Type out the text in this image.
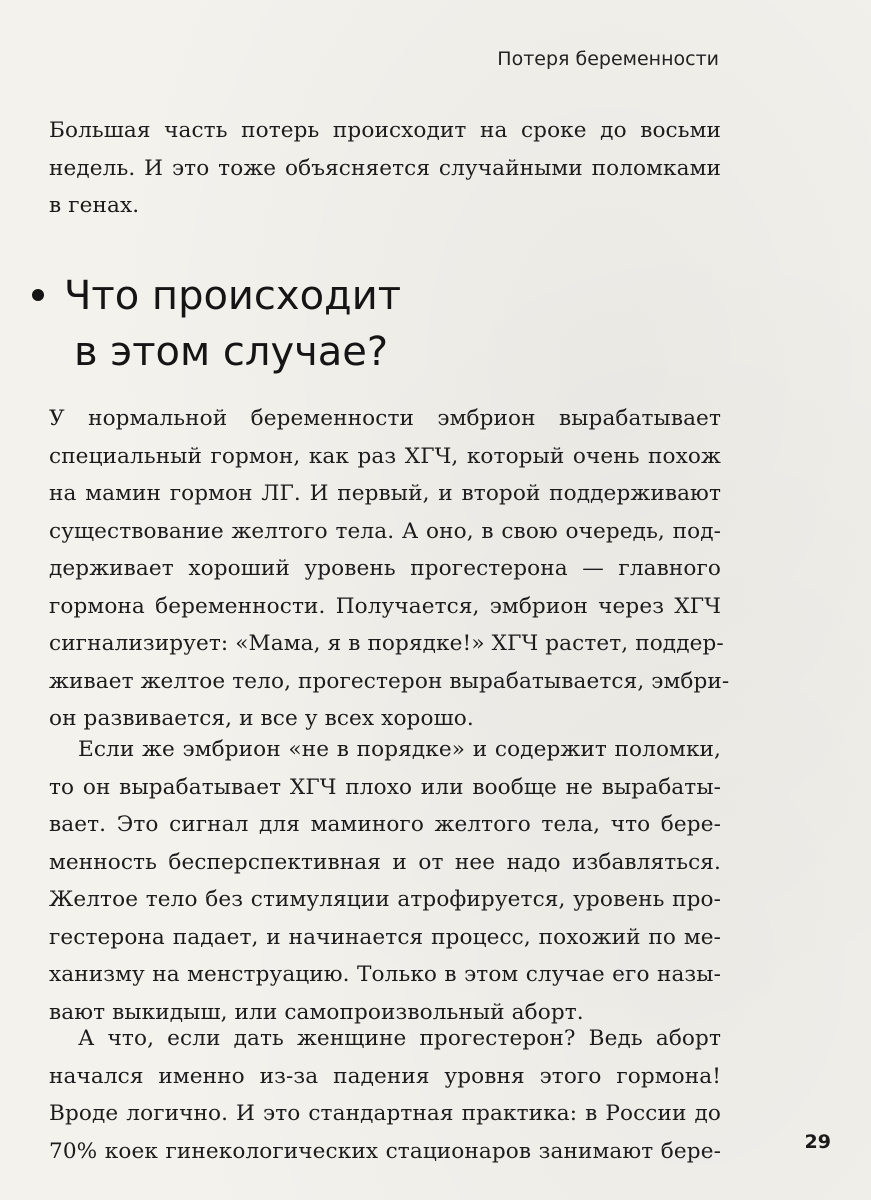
Потеря беременности
Большая часть потерь происходит на сроке до восьми
недель. И это тоже объясняется случайными поломками
в генах.
Что происходит
в этом случае?
У нормальной беременности эмбрион вырабатывает
специальный гормон, как раз ХГЧ, который очень похож
на мамин гормон ЛГ. И первый, и второй поддерживают
существование желтого тела. А оно, в свою очередь, под-
держивает хороший уровень прогестерона — главного
гормона беременности. Получается, эмбрион через ХГЧ
сигнализирует: «Мама, я в порядке!» ХГЧ растет, поддер-
живает желтое тело, прогестерон вырабатывается, эмбри-
он развивается, и все у всех хорошо.
Если же эмбрион «не в порядке» и содержит поломки,
то он вырабатывает ХГЧ плохо или вообще не вырабаты-
вает. Это сигнал для маминого желтого тела, что бере-
менность бесперспективная и от нее надо избавляться.
Желтое тело без стимуляции атрофируется, уровень про-
гестерона падает, и начинается процесс, похожий по ме-
ханизму на менструацию. Только в этом случае его назы-
вают выкидыш, или самопроизвольный аборт.
А что, если дать женщине прогестерон? Ведь аборт
начался именно из-за падения уровня этого гормона!
Вроде логично. И это стандартная практика: в России до
70% коек гинекологических стационаров занимают бере-	29
